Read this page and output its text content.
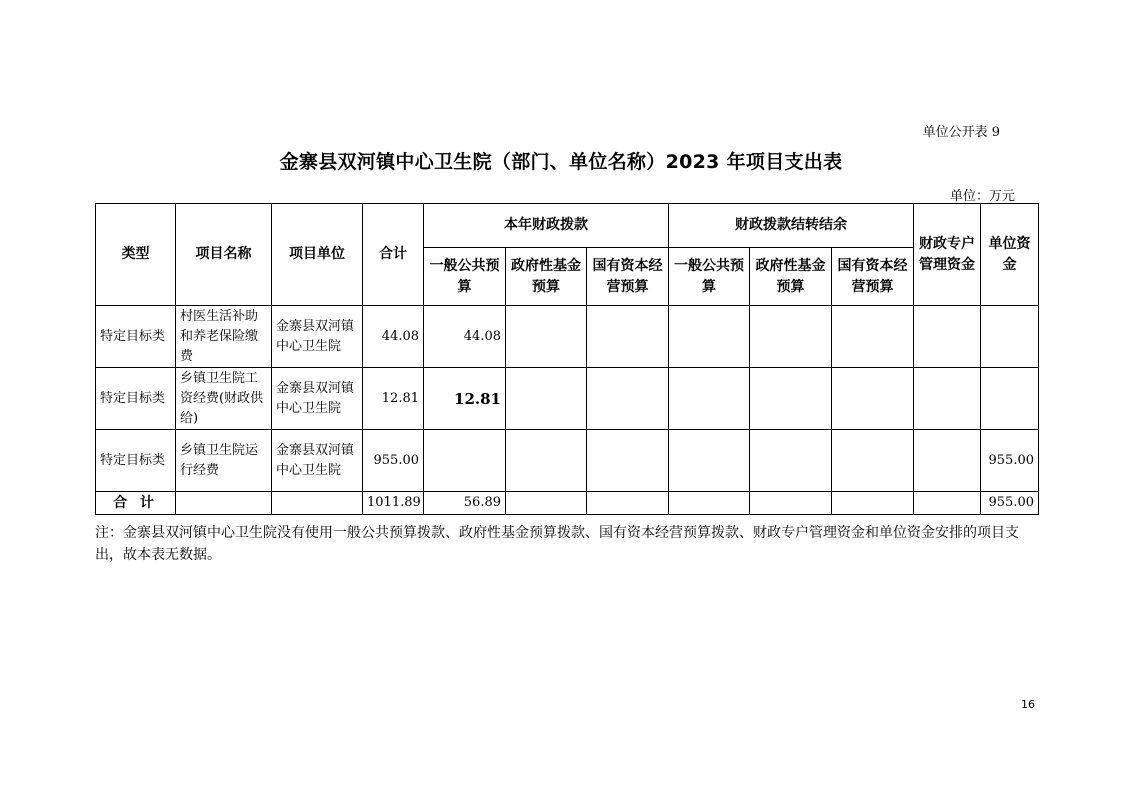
单位公开表 9
金寨县双河镇中心卫生院（部门、单位名称）2023 年项目支出表
单位：万元
类型	项目名称	项目单位	合计	本年财政拨款			财政拨款结转结余			财政专户管理资金	单位资金
				一般公共预算	政府性基金预算	国有资本经营预算	一般公共预算	政府性基金预算	国有资本经营预算		
特定目标类	村医生活补助和养老保险缴费	金寨县双河镇中心卫生院	44.08	44.08							
特定目标类	乡镇卫生院工资经费(财政供给)	金寨县双河镇中心卫生院	12.81	12.81							
特定目标类	乡镇卫生院运行经费	金寨县双河镇中心卫生院	955.00								955.00
合 计			1011.89	56.89							955.00
注：金寨县双河镇中心卫生院没有使用一般公共预算拨款、政府性基金预算拨款、国有资本经营预算拨款、财政专户管理资金和单位资金安排的项目支出，故本表无数据。
16
